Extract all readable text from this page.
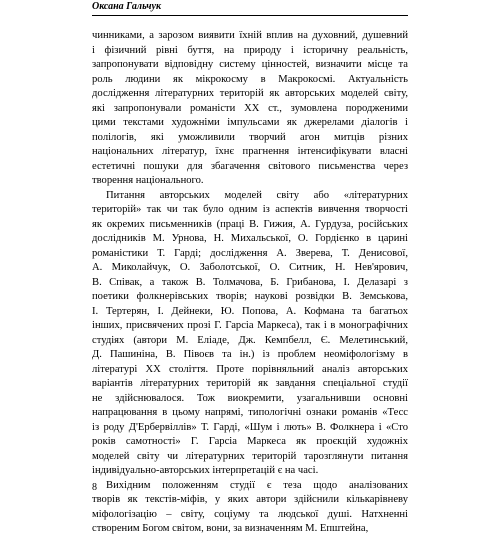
Оксана Гальчук
чинниками, а зарозом виявити їхній вплив на духовний, душевний
і фізичний рівні буття, на природу і історичну реальність,
запропонувати відповідну систему цінностей, визначити місце та
роль людини як мікрокосму в Макрокосмі. Актуальність
дослідження літературних територій як авторських моделей світу,
які запропонували романісти ХХ ст., зумовлена породженими
цими текстами художніми імпульсами як джерелами діалогів і
полілогів, які уможливили творчий агон митців різних
національних літератур, їхнє прагнення інтенсифікувати власні
естетичні пошуки для збагачення світового письменства через
творення національного.
Питання авторських моделей світу або «літературних
територій» так чи так було одним із аспектів вивчення творчості
як окремих письменників (праці В. Гижия, А. Гурдуза, російських
дослідників М. Урнова, Н. Михальської, О. Гордієнко в царині
романістики Т. Гарді; дослідження А. Зверева, Т. Денисової,
А. Миколайчук, О. Заболотської, О. Ситник, Н. Нев'ярович,
В. Співак, а також В. Толмачова, Б. Грибанова, І. Делазарі з
поетики фолкнерівських творів; наукові розвідки В. Земськова,
І. Тертерян, І. Дейнеки, Ю. Попова, А. Кофмана та багатьох
інших, присвячених прозі Г. Гарсіа Маркеса), так і в монографічних
студіях (автори М. Еліаде, Дж. Кемпбелл, Є. Мелетинський,
Д. Пашиніна, В. Півоєв та ін.) із проблем неоміфологізму в
літературі ХХ століття. Проте порівняльний аналіз авторських
варіантів літературних територій як завдання спеціальної студії
не здійснювалося. Тож виокремити, узагальнивши основні
напрацювання в цьому напрямі, типологічні ознаки романів «Тесс
із роду Д'Ербервіллів» Т. Гарді, «Шум і лють» В. Фолкнера і «Сто
років самотності» Г. Гарсіа Маркеса як проєкцій художніх
моделей світу чи літературних територій тарозглянути питання
індивідуально-авторських інтерпретацій є на часі.
Вихідним положенням студії є теза щодо аналізованих
творів як текстів-міфів, у яких автори здійснили кількарівневу
міфологізацію – світу, соціуму та людської душі. Натхненні
створеним Богом світом, вони, за визначенням М. Епштейна,
8
